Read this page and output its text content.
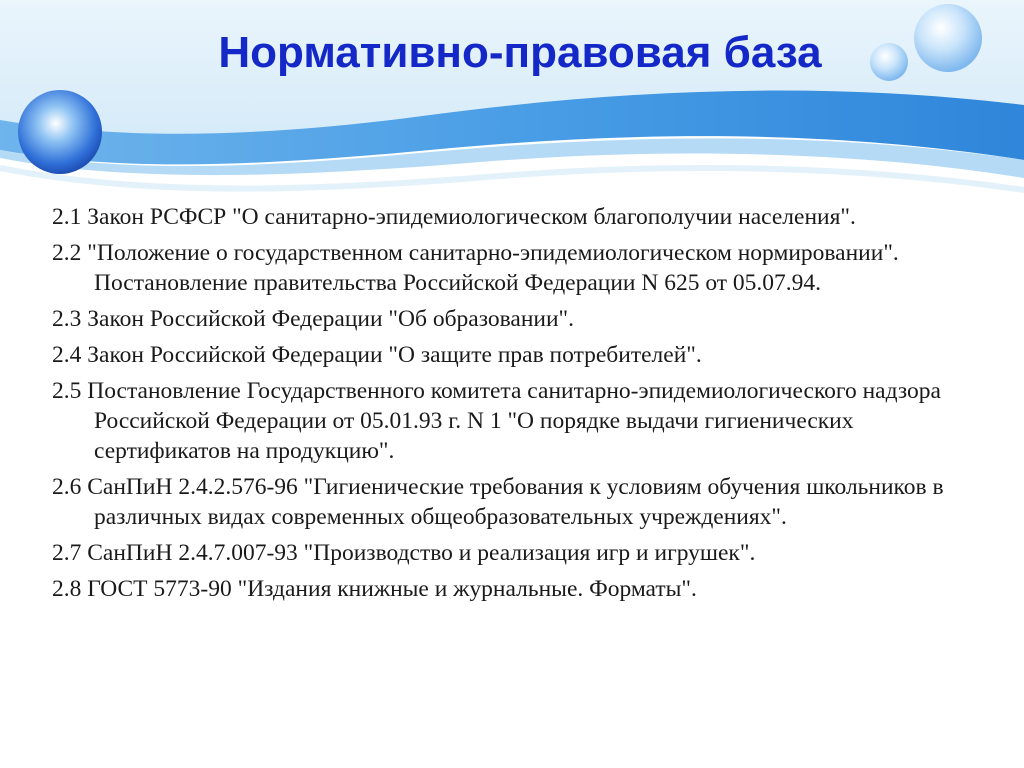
Нормативно-правовая база
2.1 Закон РСФСР "О санитарно-эпидемиологическом благополучии населения".
2.2 "Положение о государственном санитарно-эпидемиологическом нормировании". Постановление правительства Российской Федерации N 625 от 05.07.94.
2.3 Закон Российской Федерации "Об образовании".
2.4 Закон Российской Федерации "О защите прав потребителей".
2.5 Постановление Государственного комитета санитарно-эпидемиологического надзора Российской Федерации от 05.01.93 г. N 1 "О порядке выдачи гигиенических сертификатов на продукцию".
2.6 СанПиН 2.4.2.576-96 "Гигиенические требования к условиям обучения школьников в различных видах современных общеобразовательных учреждениях".
2.7 СанПиН 2.4.7.007-93 "Производство и реализация игр и игрушек".
2.8 ГОСТ 5773-90 "Издания книжные и журнальные. Форматы".
